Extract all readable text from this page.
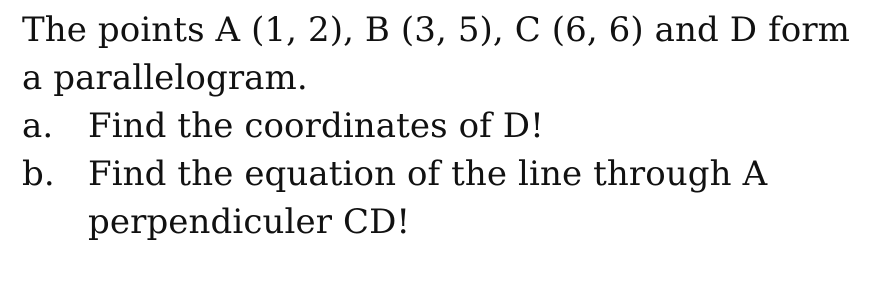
The points A (1, 2), B (3, 5), C (6, 6) and D form a parallelogram.

a.	Find the coordinates of D!
b. Find the equation of the line through A perpendiculer CD!
